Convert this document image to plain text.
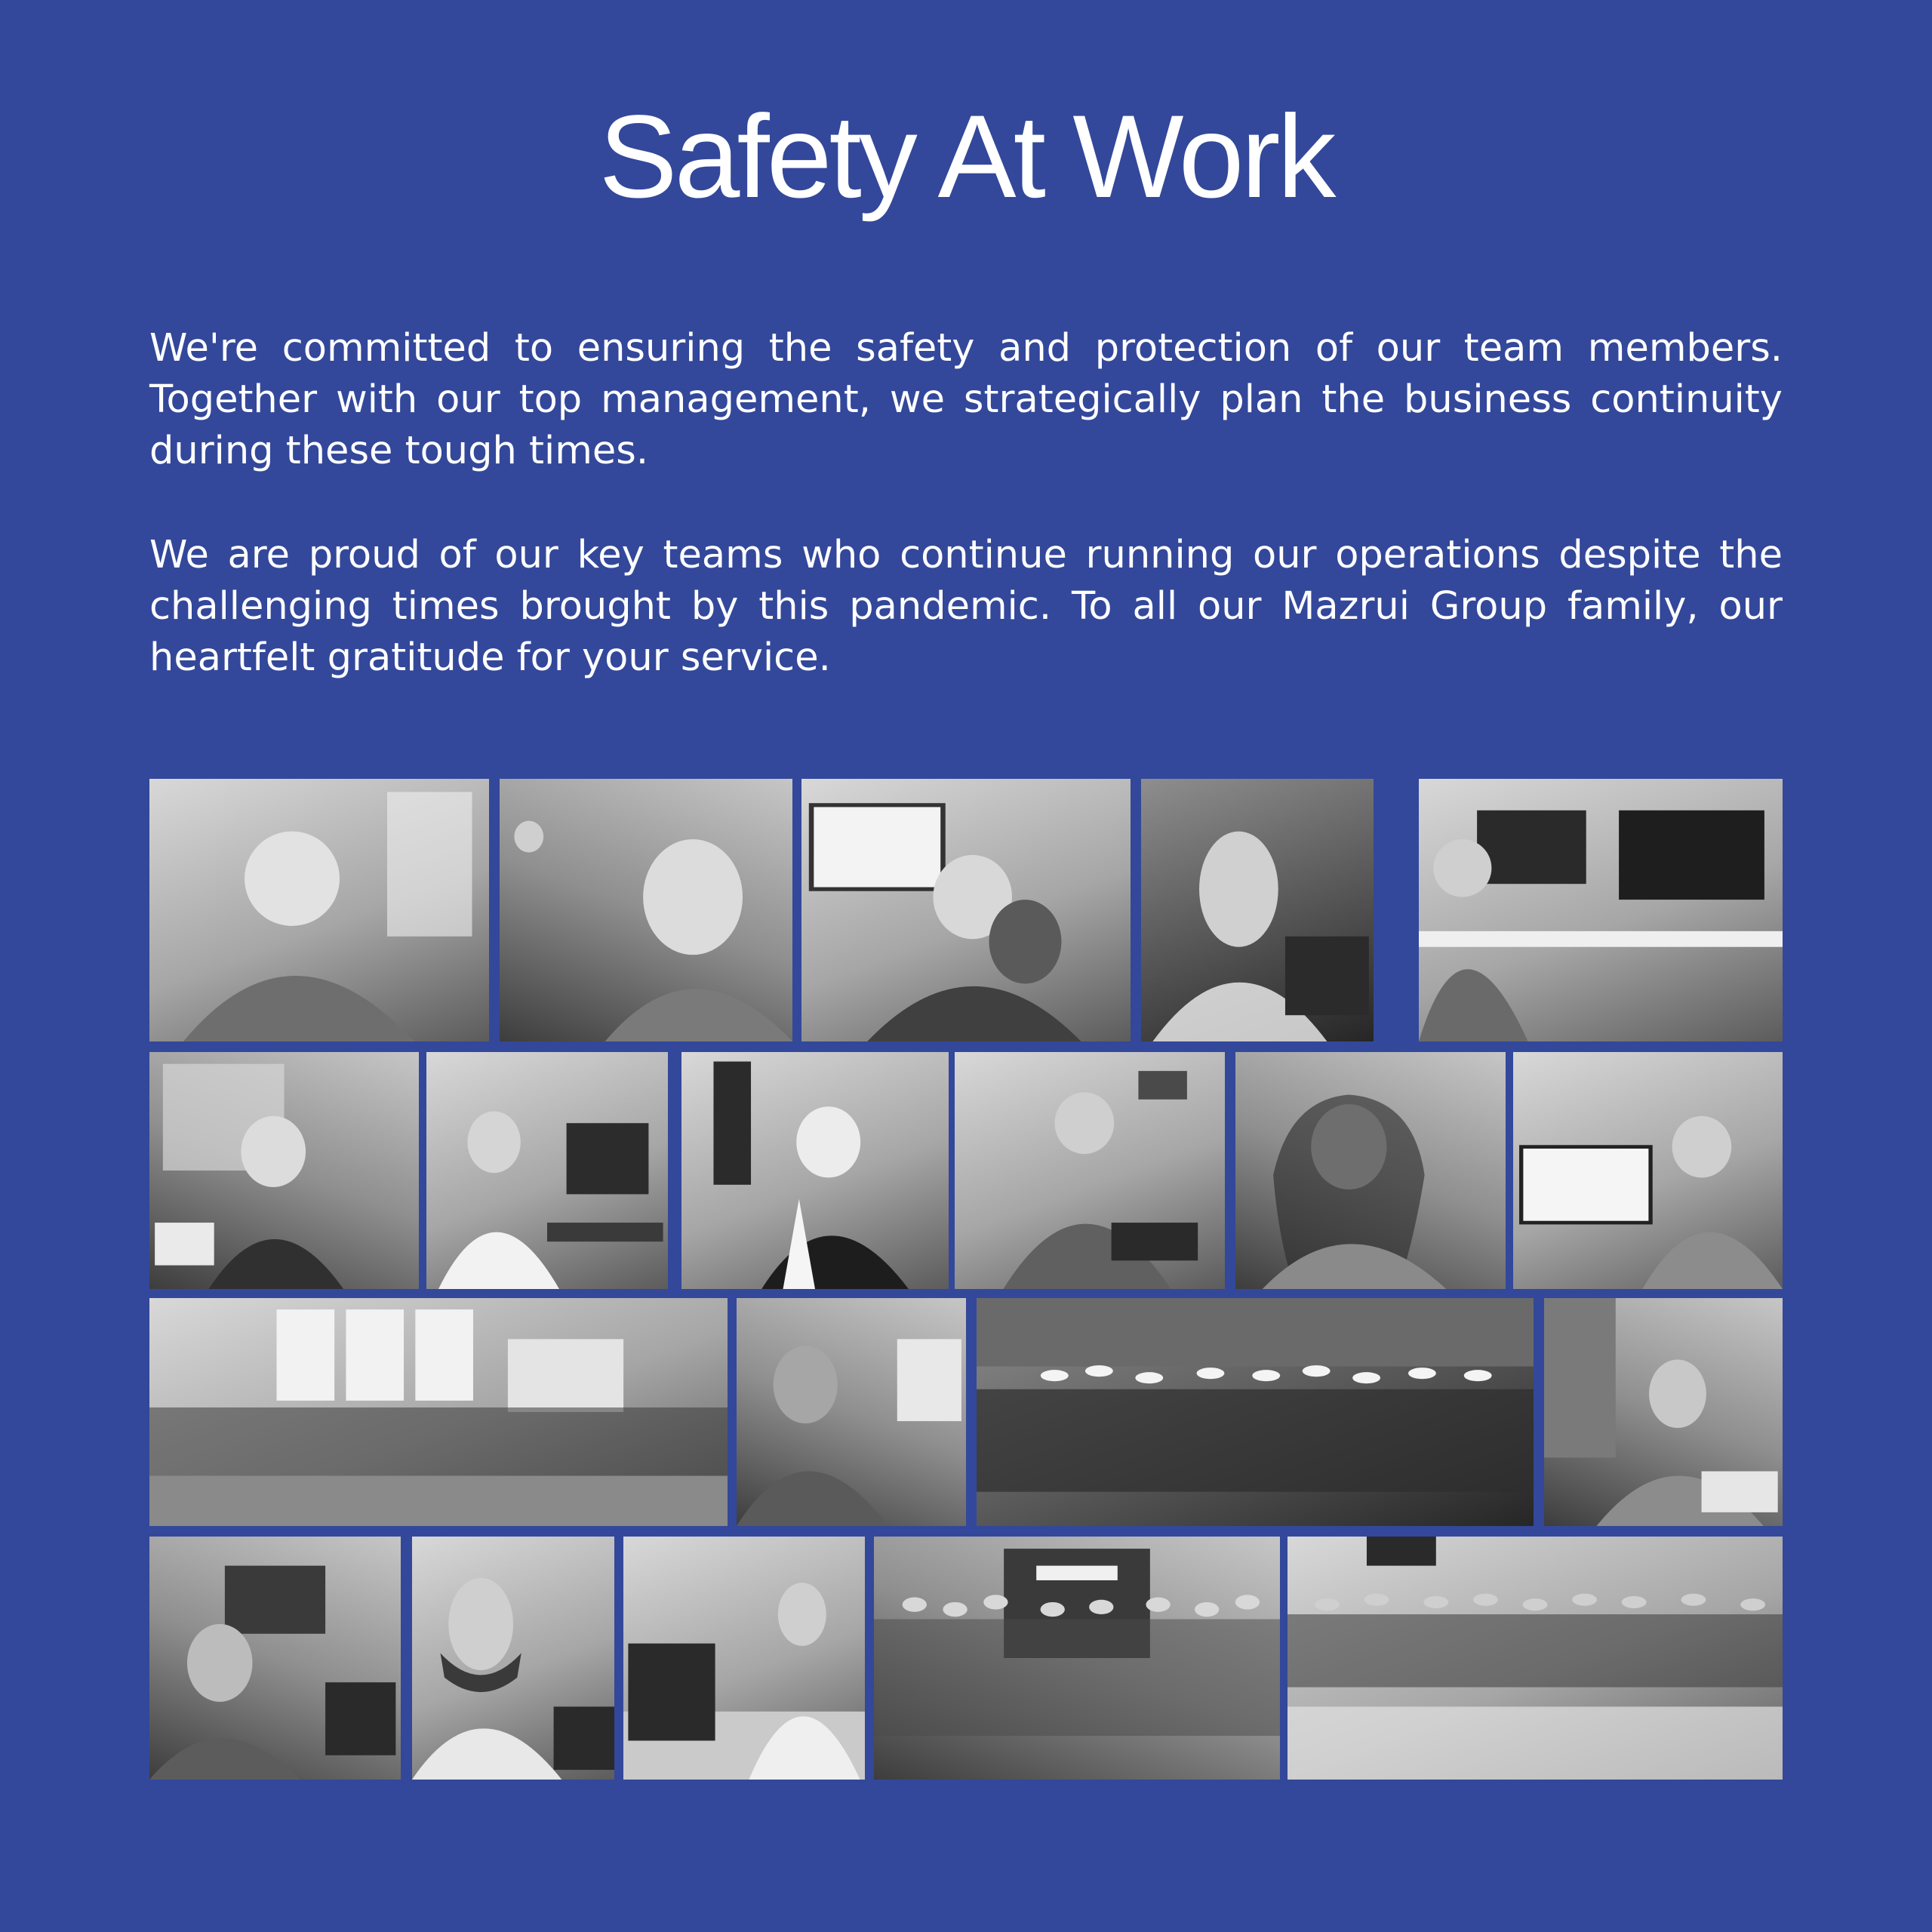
Safety At Work

We're committed to ensuring the safety and protection of our team members. Together with our top management, we strategically plan the business continuity during these tough times.

We are proud of our key teams who continue running our operations despite the challenging times brought by this pandemic. To all our Mazrui Group family, our heartfelt gratitude for your service.
